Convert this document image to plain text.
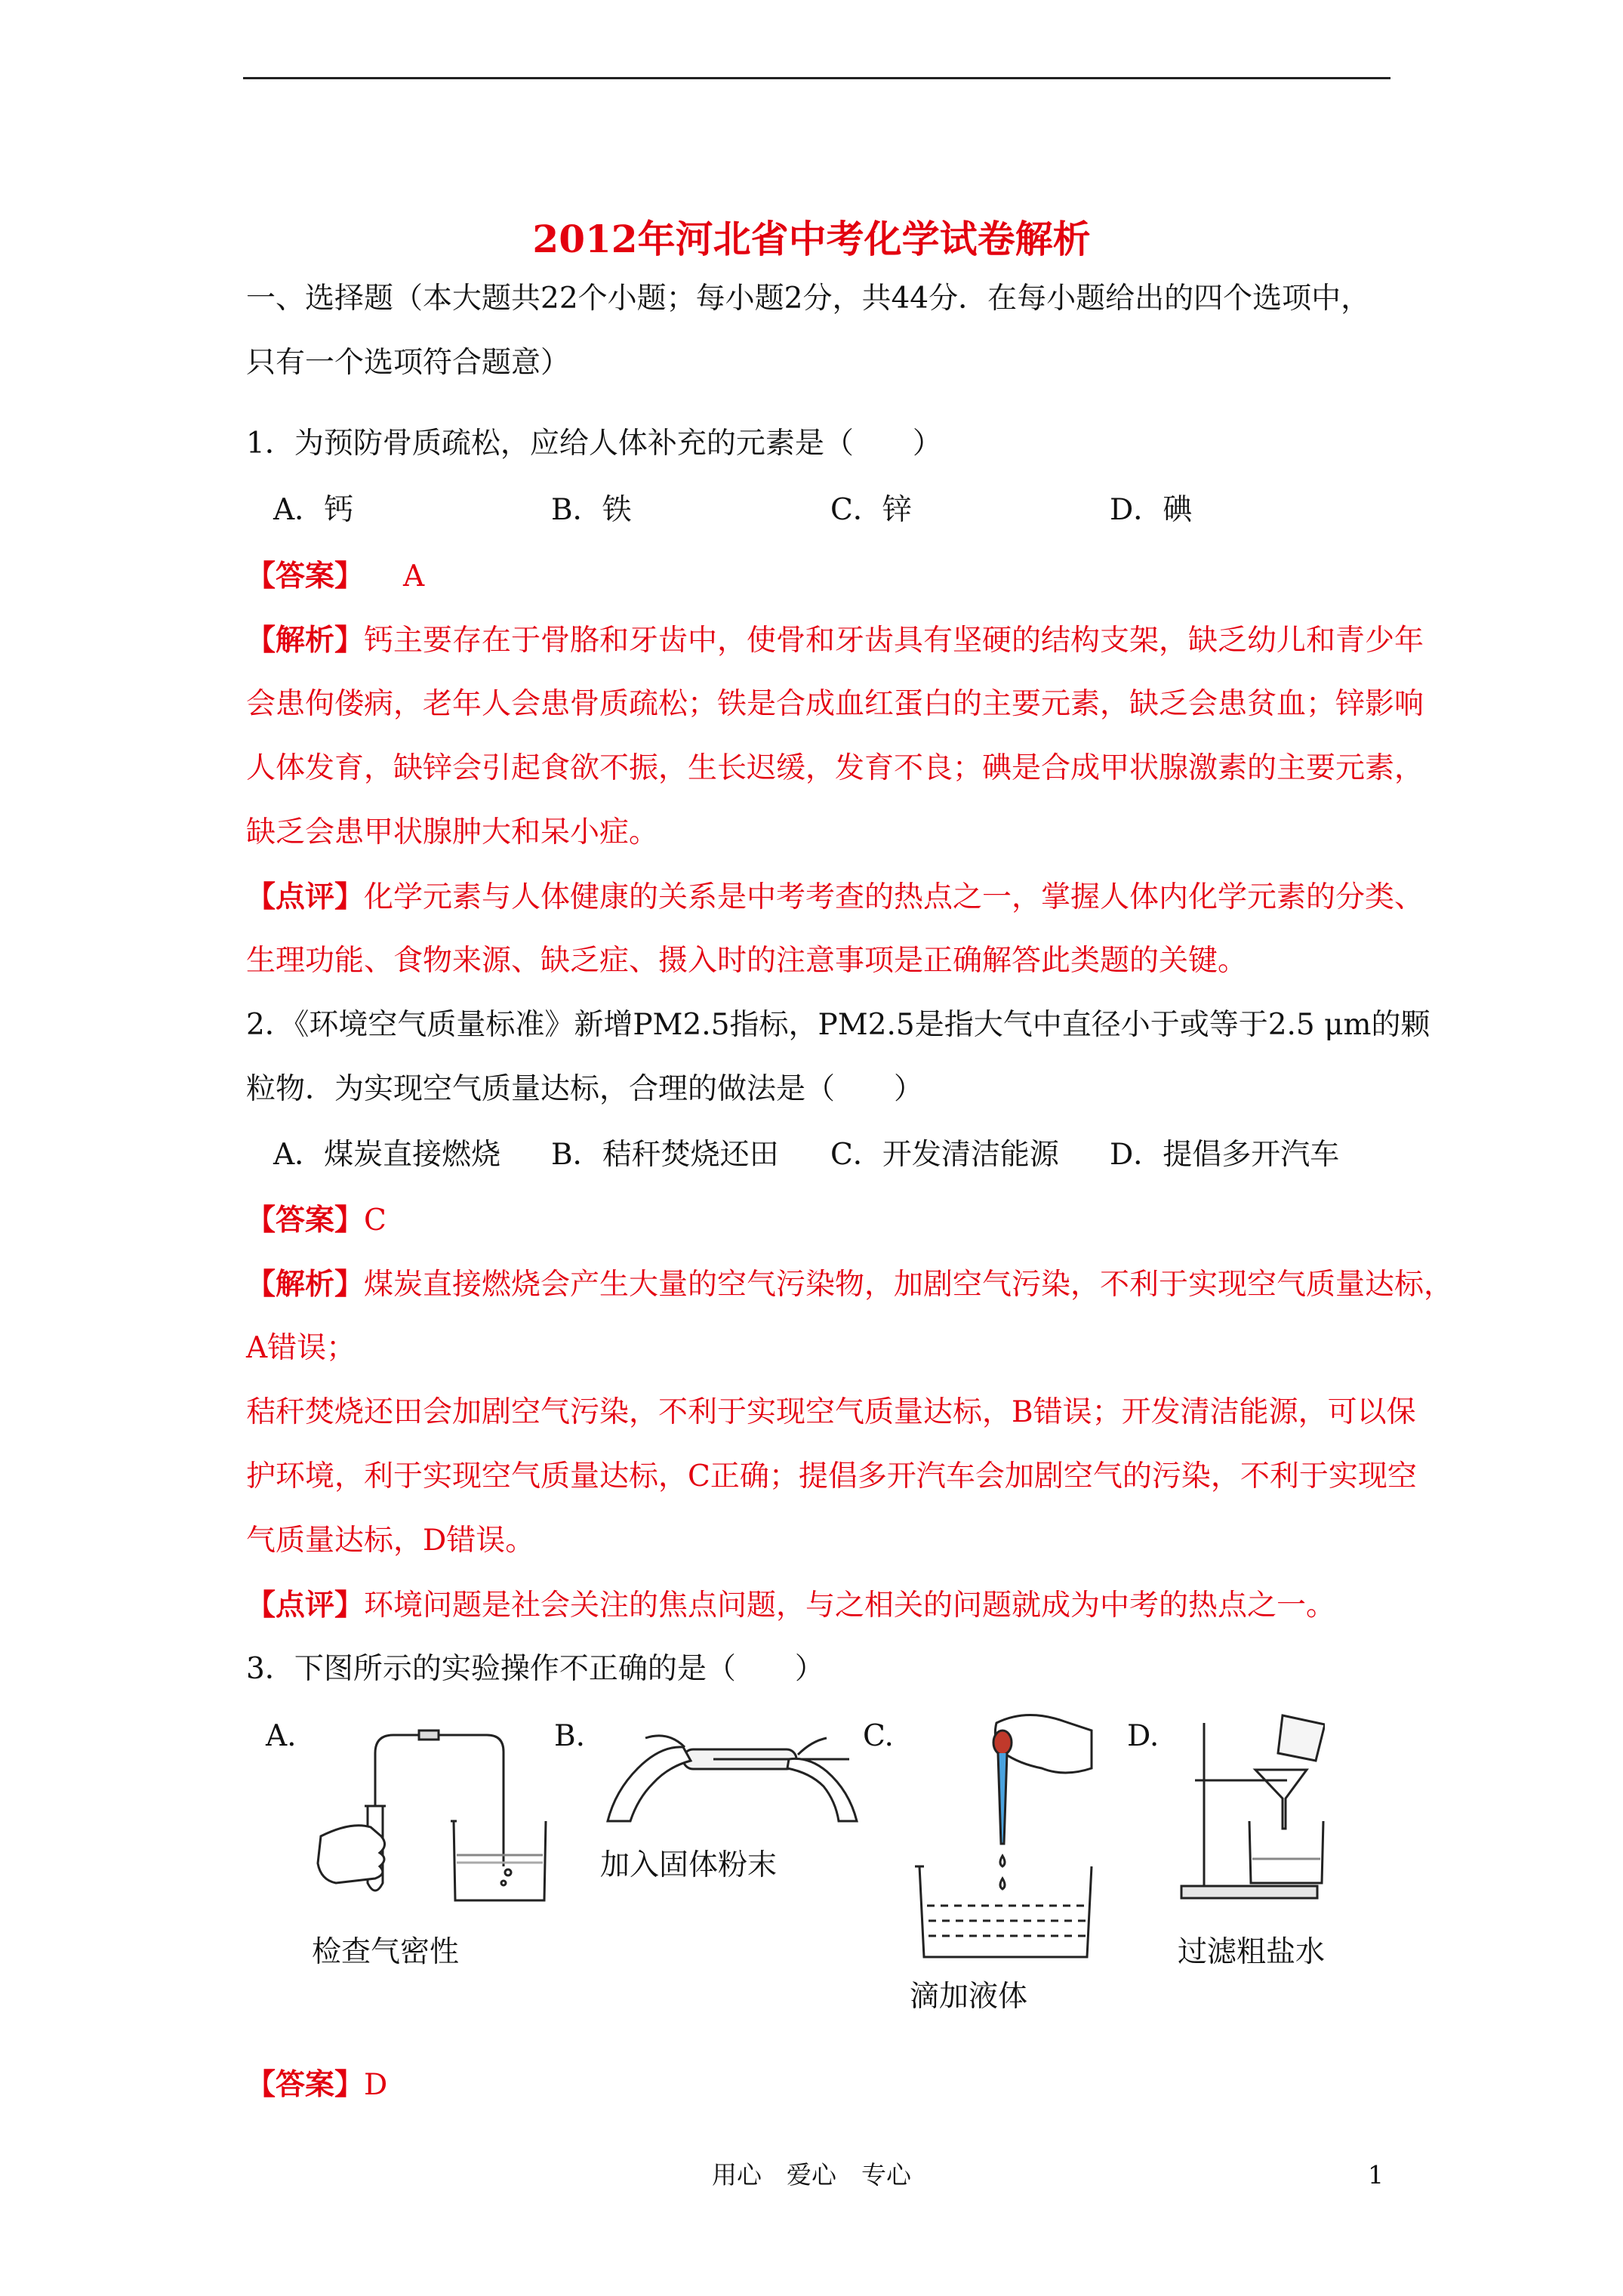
2012年河北省中考化学试卷解析
一、选择题（本大题共22个小题；每小题2分，共44分．在每小题给出的四个选项中，
只有一个选项符合题意）
1．为预防骨质疏松，应给人体补充的元素是（　　）
A．钙	B．铁	C．锌	D．碘
【答案】 A
【解析】钙主要存在于骨胳和牙齿中，使骨和牙齿具有坚硬的结构支架，缺乏幼儿和青少年
会患佝偻病，老年人会患骨质疏松；铁是合成血红蛋白的主要元素，缺乏会患贫血；锌影响
人体发育，缺锌会引起食欲不振，生长迟缓，发育不良；碘是合成甲状腺激素的主要元素，
缺乏会患甲状腺肿大和呆小症。
【点评】化学元素与人体健康的关系是中考考查的热点之一，掌握人体内化学元素的分类、
生理功能、食物来源、缺乏症、摄入时的注意事项是正确解答此类题的关键。
2．《环境空气质量标准》新增PM2.5指标，PM2.5是指大气中直径小于或等于2.5 μm的颗
粒物．为实现空气质量达标，合理的做法是（　　）
A．煤炭直接燃烧 B．秸秆焚烧还田 C．开发清洁能源 D．提倡多开汽车
【答案】C
【解析】煤炭直接燃烧会产生大量的空气污染物，加剧空气污染，不利于实现空气质量达标，
A错误；
秸秆焚烧还田会加剧空气污染，不利于实现空气质量达标，B错误；开发清洁能源，可以保
护环境，利于实现空气质量达标，C正确；提倡多开汽车会加剧空气的污染，不利于实现空
气质量达标，D错误。
【点评】环境问题是社会关注的焦点问题，与之相关的问题就成为中考的热点之一。
3．下图所示的实验操作不正确的是（　　）
A.	B.	C.	D.
检查气密性
加入固体粉末
滴加液体
过滤粗盐水
【答案】D
用心　爱心　专心	1
